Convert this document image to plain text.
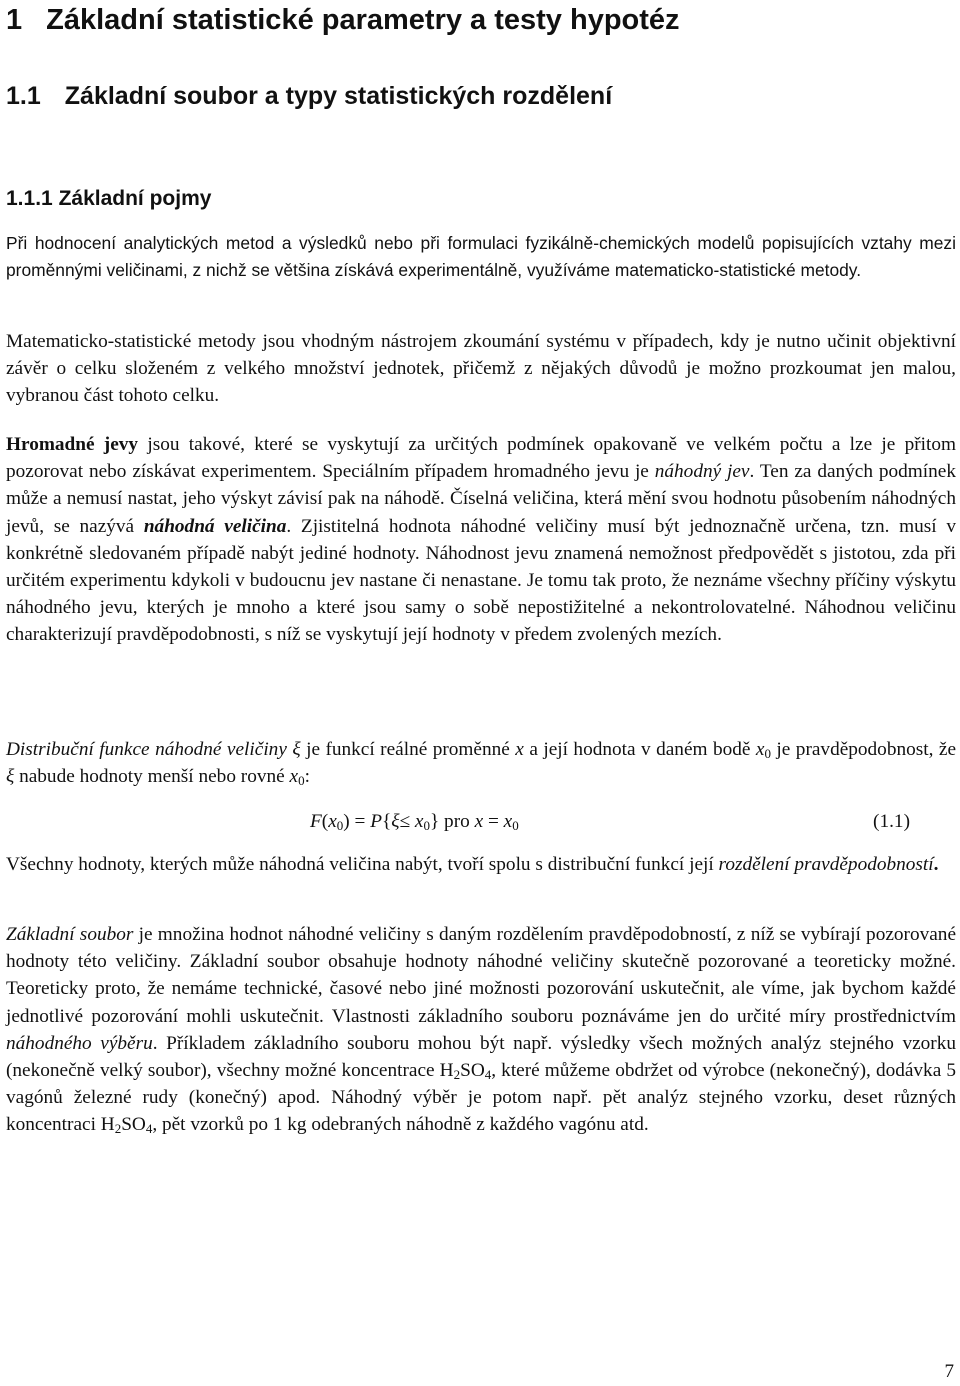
1 Základní statistické parametry a testy hypotéz
1.1 Základní soubor a typy statistických rozdělení
1.1.1 Základní pojmy

Při hodnocení analytických metod a výsledků nebo při formulaci fyzikálně-chemických modelů popisujících vztahy mezi proměnnými veličinami, z nichž se většina získává experimentálně, využíváme matematicko-statistické metody.

Matematicko-statistické metody jsou vhodným nástrojem zkoumání systému v případech, kdy je nutno učinit objektivní závěr o celku složeném z velkého množství jednotek, přičemž z nějakých důvodů je možno prozkoumat jen malou, vybranou část tohoto celku.

Hromadné jevy jsou takové, které se vyskytují za určitých podmínek opakovaně ve velkém počtu a lze je přitom pozorovat nebo získávat experimentem. Speciálním případem hromadného jevu je náhodný jev. Ten za daných podmínek může a nemusí nastat, jeho výskyt závisí pak na náhodě. Číselná veličina, která mění svou hodnotu působením náhodných jevů, se nazývá náhodná veličina. Zjistitelná hodnota náhodné veličiny musí být jednoznačně určena, tzn. musí v konkrétně sledovaném případě nabýt jediné hodnoty. Náhodnost jevu znamená nemožnost předpovědět s jistotou, zda při určitém experimentu kdykoli v budoucnu jev nastane či nenastane. Je tomu tak proto, že neznáme všechny příčiny výskytu náhodného jevu, kterých je mnoho a které jsou samy o sobě nepostižitelné a nekontrolovatelné. Náhodnou veličinu charakterizují pravděpodobnosti, s níž se vyskytují její hodnoty v předem zvolených mezích.

Distribuční funkce náhodné veličiny ξ je funkcí reálné proměnné x a její hodnota v daném bodě $x_0$ je pravděpodobnost, že ξ nabude hodnoty menší nebo rovné $x_0$:

$F(x_0) = P\{\xi\le x_0\}$ pro $x = x_0$	(1.1)

Všechny hodnoty, kterých může náhodná veličina nabýt, tvoří spolu s distribuční funkcí její rozdělení pravděpodobností.

Základní soubor je množina hodnot náhodné veličiny s daným rozdělením pravděpodobností, z níž se vybírají pozorované hodnoty této veličiny. Základní soubor obsahuje hodnoty náhodné veličiny skutečně pozorované a teoreticky možné. Teoreticky proto, že nemáme technické, časové nebo jiné možnosti pozorování uskutečnit, ale víme, jak bychom každé jednotlivé pozorování mohli uskutečnit. Vlastnosti základního souboru poznáváme jen do určité míry prostřednictvím náhodného výběru. Příkladem základního souboru mohou být např. výsledky všech možných analýz stejného vzorku (nekonečně velký soubor), všechny možné koncentrace $H_2SO_4$, které můžeme obdržet od výrobce (nekonečný), dodávka 5 vagónů železné rudy (konečný) apod. Náhodný výběr je potom např. pět analýz stejného vzorku, deset různých koncentraci $H_2SO_4$, pět vzorků po 1 kg odebraných náhodně z každého vagónu atd.

7
